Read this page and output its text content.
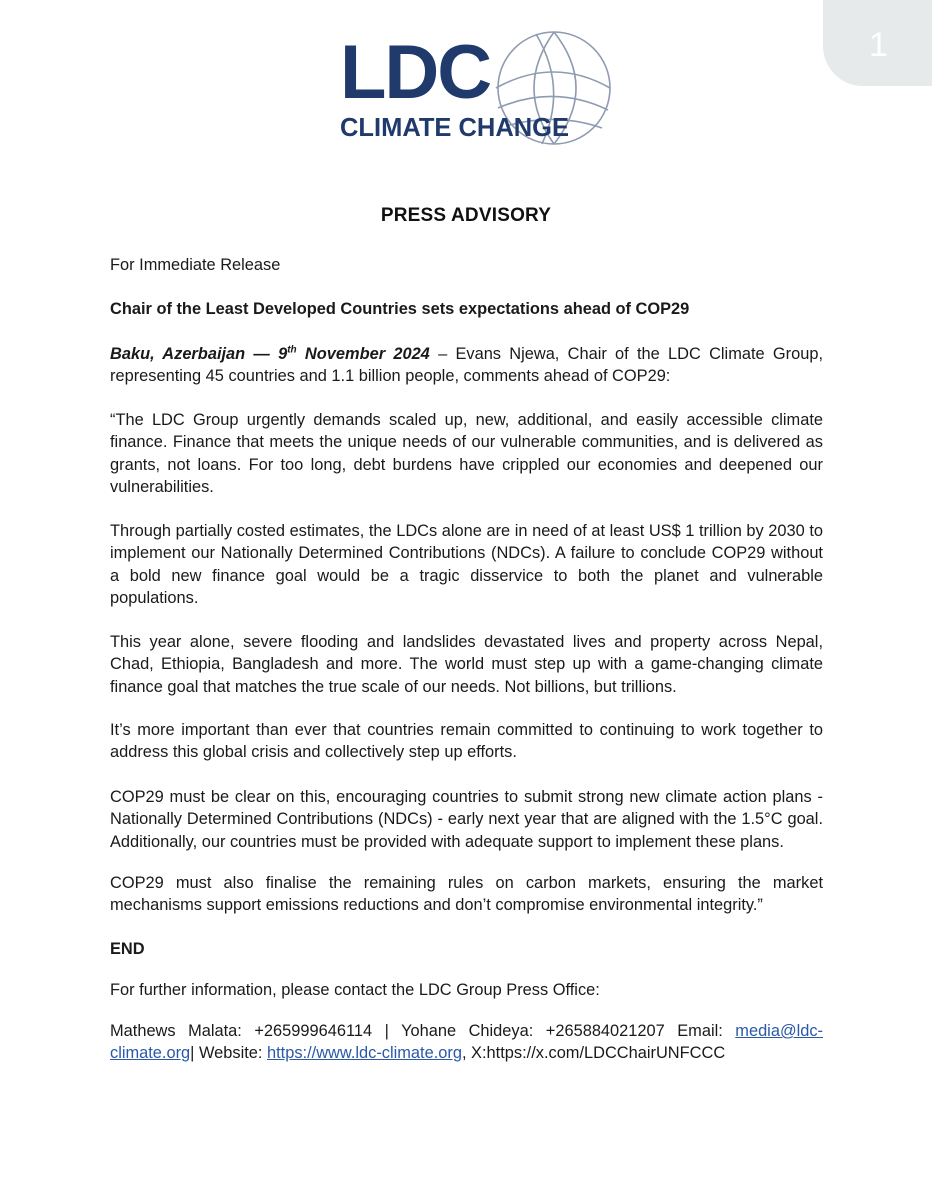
1
LDC
CLIMATE CHANGE
PRESS ADVISORY
For Immediate Release
Chair of the Least Developed Countries sets expectations ahead of COP29
Baku, Azerbaijan — 9th November 2024 – Evans Njewa, Chair of the LDC Climate Group, representing 45 countries and 1.1 billion people, comments ahead of COP29:
“The LDC Group urgently demands scaled up, new, additional, and easily accessible climate finance. Finance that meets the unique needs of our vulnerable communities, and is delivered as grants, not loans. For too long, debt burdens have crippled our economies and deepened our vulnerabilities.
Through partially costed estimates, the LDCs alone are in need of at least US$ 1 trillion by 2030 to implement our Nationally Determined Contributions (NDCs). A failure to conclude COP29 without a bold new finance goal would be a tragic disservice to both the planet and vulnerable populations.
This year alone, severe flooding and landslides devastated lives and property across Nepal, Chad, Ethiopia, Bangladesh and more. The world must step up with a game-changing climate finance goal that matches the true scale of our needs. Not billions, but trillions.
It’s more important than ever that countries remain committed to continuing to work together to address this global crisis and collectively step up efforts.
COP29 must be clear on this, encouraging countries to submit strong new climate action plans - Nationally Determined Contributions (NDCs) - early next year that are aligned with the 1.5°C goal. Additionally, our countries must be provided with adequate support to implement these plans.
COP29 must also finalise the remaining rules on carbon markets, ensuring the market mechanisms support emissions reductions and don’t compromise environmental integrity.”
END
For further information, please contact the LDC Group Press Office:
Mathews Malata: +265999646114 | Yohane Chideya: +265884021207 Email: media@ldc-climate.org| Website: https://www.ldc-climate.org, X:https://x.com/LDCChairUNFCCC
